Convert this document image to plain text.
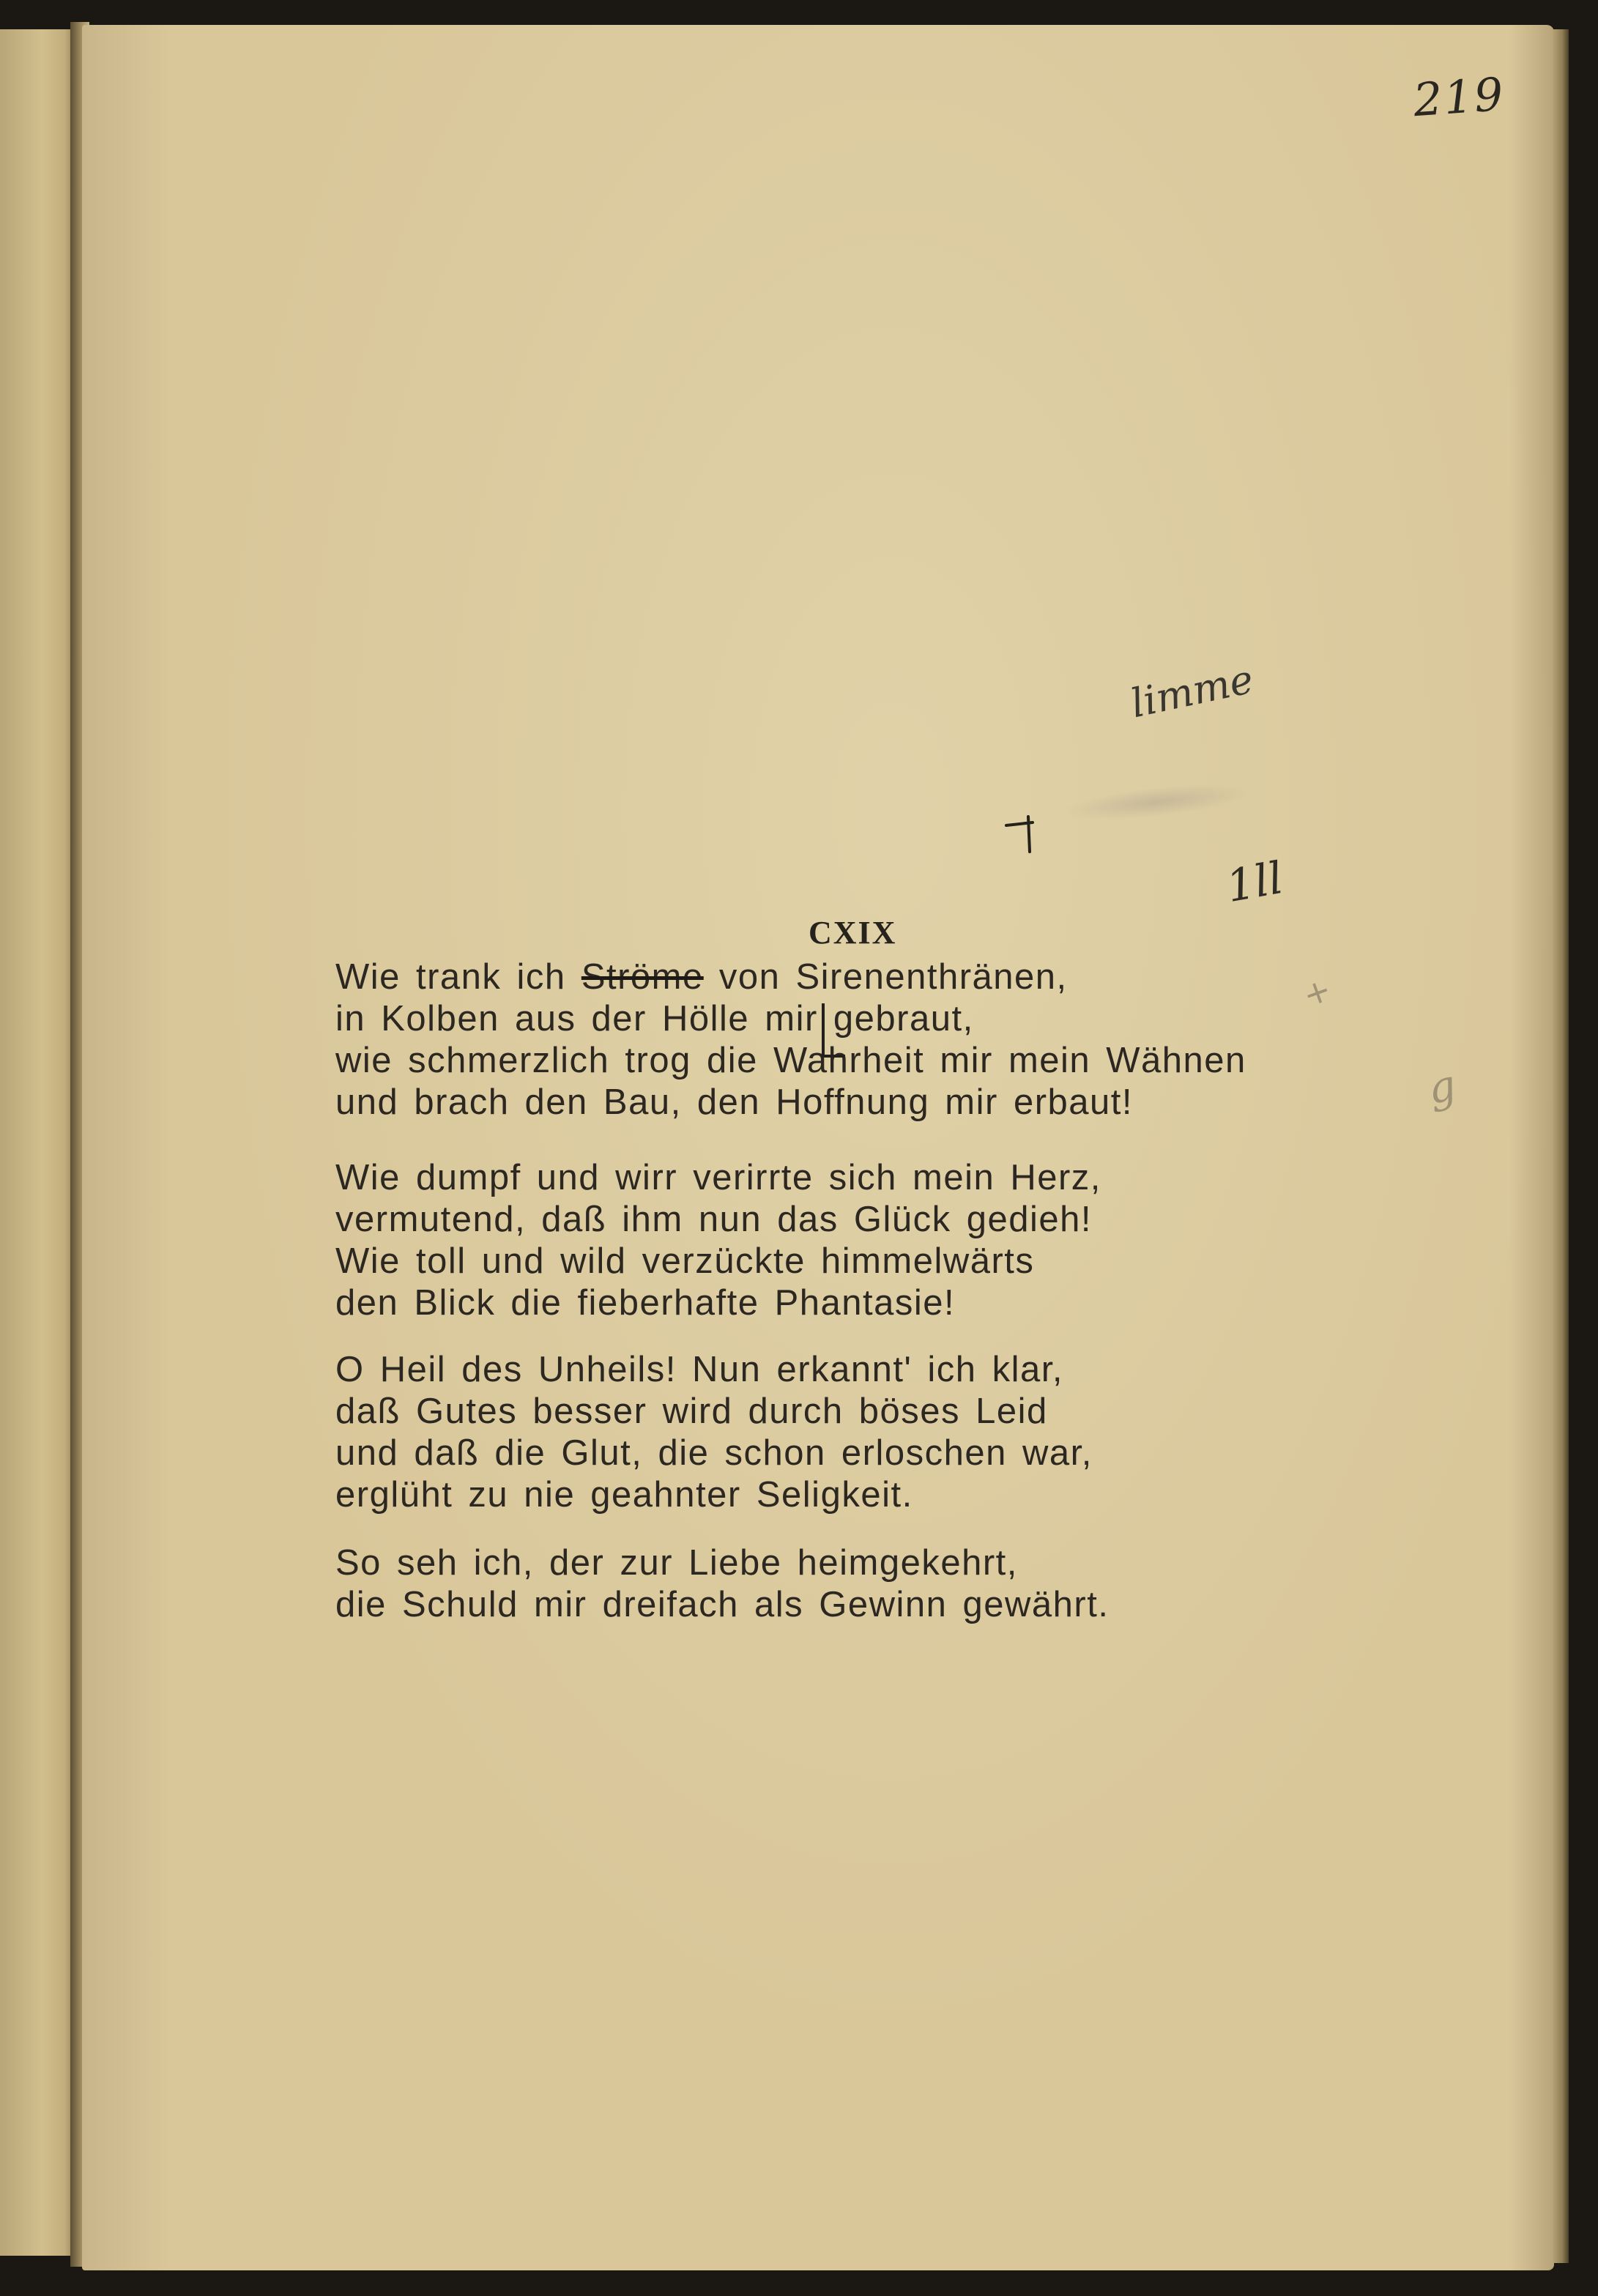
219
limme
1ll
+
g
CXIX
Wie trank ich Ströme von Sirenenthränen,
in Kolben aus der Hölle mir gebraut,
wie schmerzlich trog die Wahrheit mir mein Wähnen
und brach den Bau, den Hoffnung mir erbaut!
Wie dumpf und wirr verirrte sich mein Herz,
vermutend, daß ihm nun das Glück gedieh!
Wie toll und wild verzückte himmelwärts
den Blick die fieberhafte Phantasie!
O Heil des Unheils! Nun erkannt' ich klar,
daß Gutes besser wird durch böses Leid
und daß die Glut, die schon erloschen war,
erglüht zu nie geahnter Seligkeit.
So seh ich, der zur Liebe heimgekehrt,
die Schuld mir dreifach als Gewinn gewährt.
